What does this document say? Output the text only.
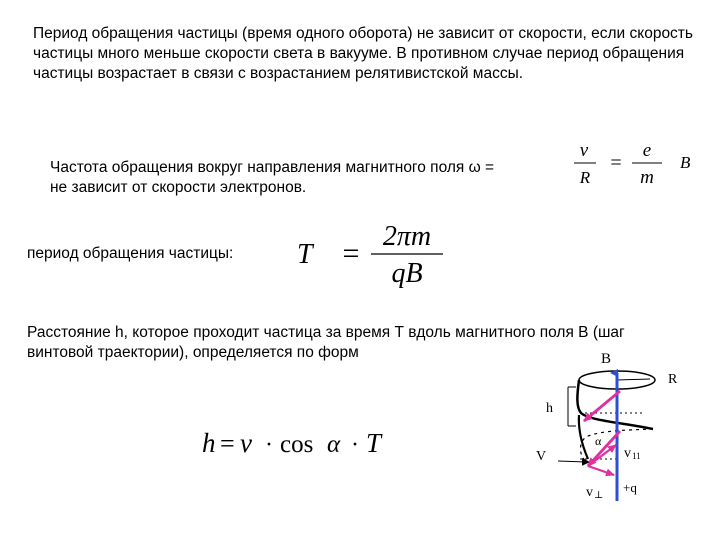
Период обращения частицы (время одного оборота) не зависит от скорости, если скорость частицы много меньше скорости света в вакууме. В противном случае период обращения частицы возрастает в связи с возрастанием релятивистской массы.

Частота обращения вокруг направления магнитного поля ω =
не зависит от скорости электронов.
v
R
=
e
m
B
период обращения частицы: T =
2πm
qB

Расстояние h, которое проходит частица за время Т вдоль магнитного поля В (шаг винтовой траектории), определяется по форм

h = v · cos α · T
B
R
h
V
α
v 11
v ⊥
+q
